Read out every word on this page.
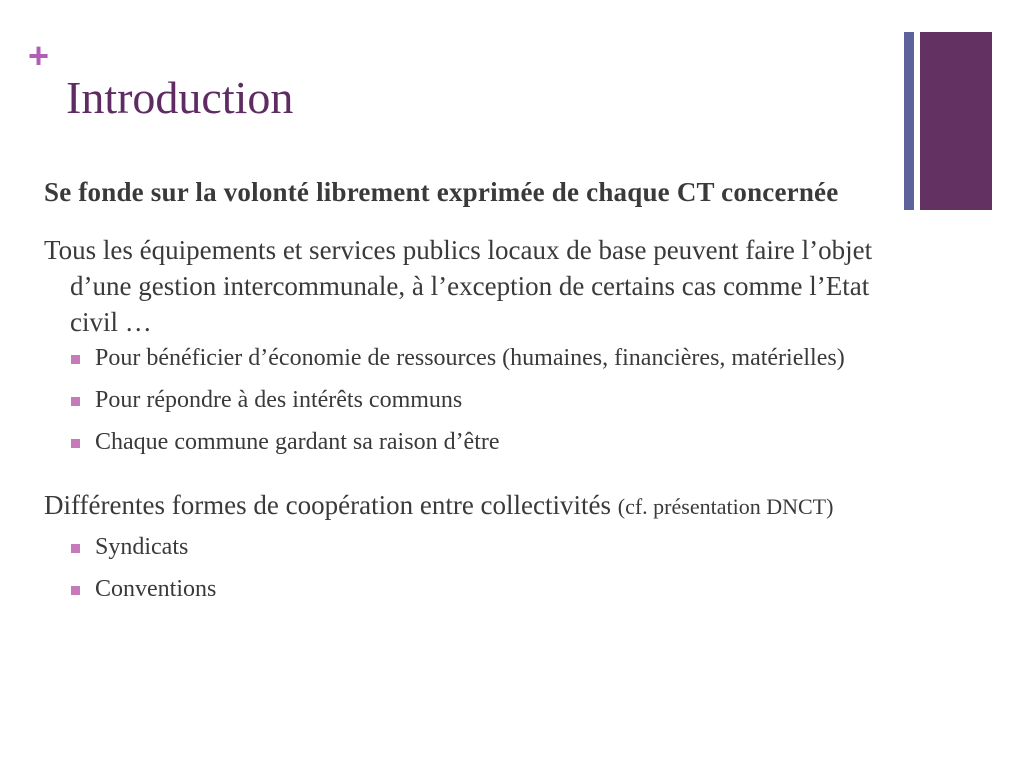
+
Introduction

Se fonde sur la volonté librement exprimée de chaque CT concernée

Tous les équipements et services publics locaux de base peuvent faire l’objet d’une gestion intercommunale, à l’exception de certains cas comme l’Etat civil …

Pour bénéficier d’économie de ressources (humaines, financières, matérielles)
Pour répondre à des intérêts communs
Chaque commune gardant sa raison d’être

Différentes formes de coopération entre collectivités (cf. présentation DNCT)

Syndicats
Conventions
